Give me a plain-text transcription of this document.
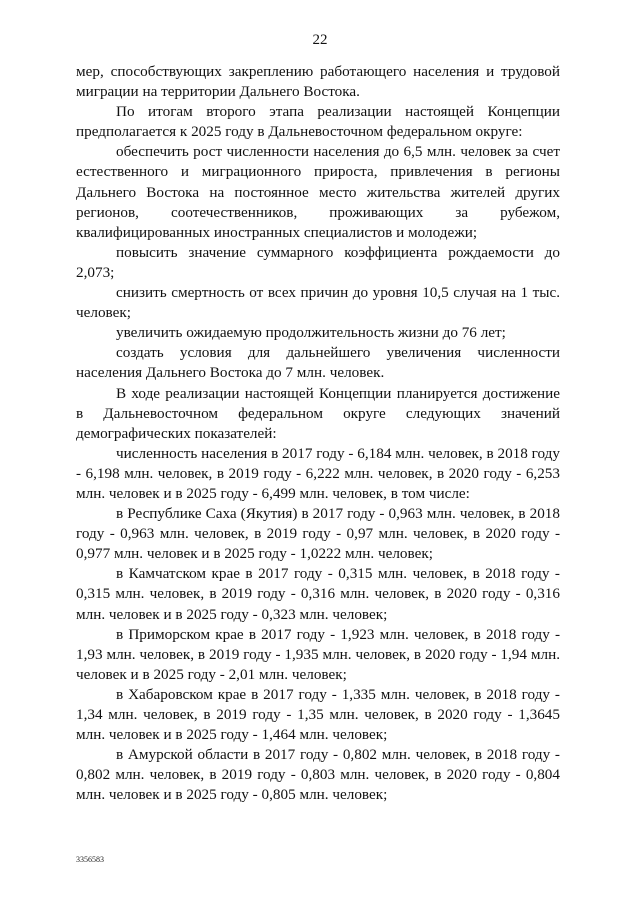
22

мер, способствующих закреплению работающего населения и трудовой миграции на территории Дальнего Востока.

По итогам второго этапа реализации настоящей Концепции предполагается к 2025 году в Дальневосточном федеральном округе:

обеспечить рост численности населения до 6,5 млн. человек за счет естественного и миграционного прироста, привлечения в регионы Дальнего Востока на постоянное место жительства жителей других регионов, соотечественников, проживающих за рубежом, квалифицированных иностранных специалистов и молодежи;

повысить значение суммарного коэффициента рождаемости до 2,073;

снизить смертность от всех причин до уровня 10,5 случая на 1 тыс. человек;

увеличить ожидаемую продолжительность жизни до 76 лет;

создать условия для дальнейшего увеличения численности населения Дальнего Востока до 7 млн. человек.

В ходе реализации настоящей Концепции планируется достижение в Дальневосточном федеральном округе следующих значений демографических показателей:

численность населения в 2017 году - 6,184 млн. человек, в 2018 году - 6,198 млн. человек, в 2019 году - 6,222 млн. человек, в 2020 году - 6,253 млн. человек и в 2025 году - 6,499 млн. человек, в том числе:

в Республике Саха (Якутия) в 2017 году - 0,963 млн. человек, в 2018 году - 0,963 млн. человек, в 2019 году - 0,97 млн. человек, в 2020 году - 0,977 млн. человек и в 2025 году - 1,0222 млн. человек;

в Камчатском крае в 2017 году - 0,315 млн. человек, в 2018 году - 0,315 млн. человек, в 2019 году - 0,316 млн. человек, в 2020 году - 0,316 млн. человек и в 2025 году - 0,323 млн. человек;

в Приморском крае в 2017 году - 1,923 млн. человек, в 2018 году - 1,93 млн. человек, в 2019 году - 1,935 млн. человек, в 2020 году - 1,94 млн. человек и в 2025 году - 2,01 млн. человек;

в Хабаровском крае в 2017 году - 1,335 млн. человек, в 2018 году - 1,34 млн. человек, в 2019 году - 1,35 млн. человек, в 2020 году - 1,3645 млн. человек и в 2025 году - 1,464 млн. человек;

в Амурской области в 2017 году - 0,802 млн. человек, в 2018 году - 0,802 млн. человек, в 2019 году - 0,803 млн. человек, в 2020 году - 0,804 млн. человек и в 2025 году - 0,805 млн. человек;

3356583
